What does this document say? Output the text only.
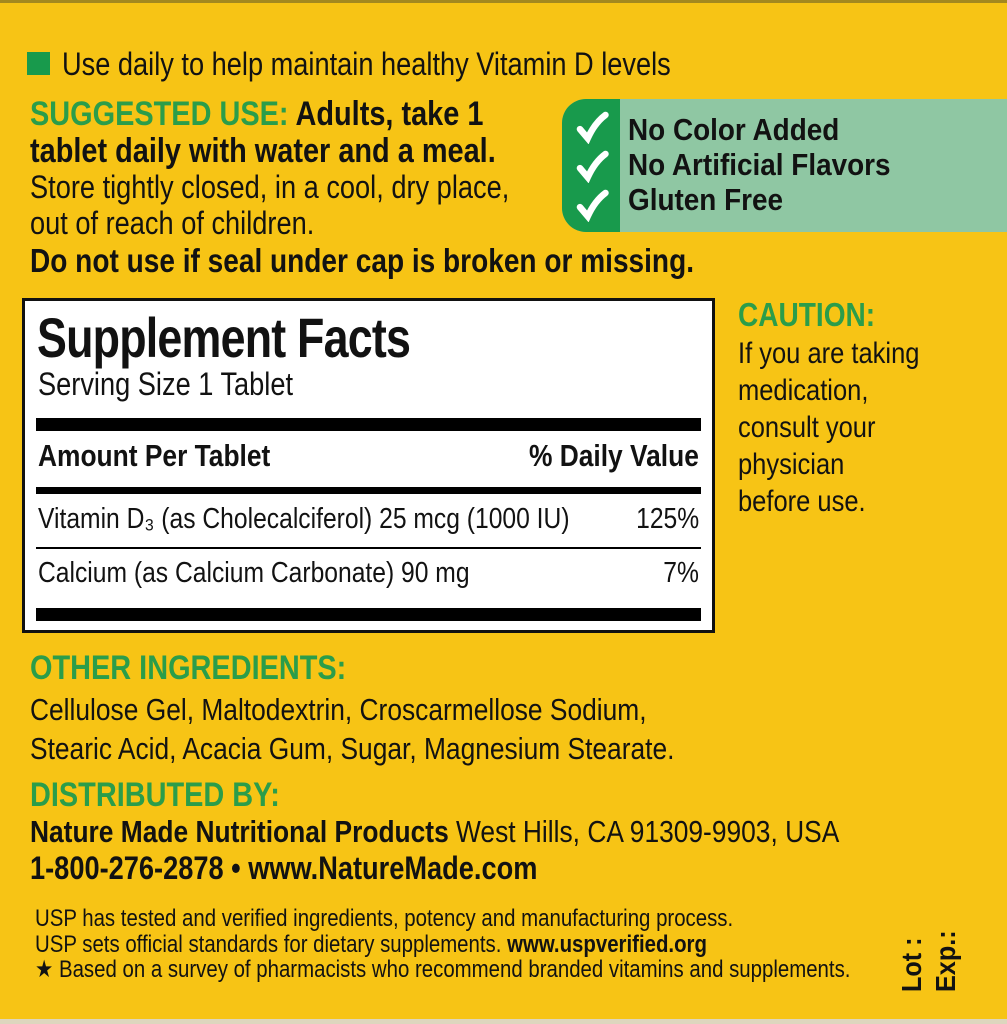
Use daily to help maintain healthy Vitamin D levels
SUGGESTED USE: Adults, take 1
tablet daily with water and a meal.
Store tightly closed, in a cool, dry place,
out of reach of children.
Do not use if seal under cap is broken or missing.
No Color Added
No Artificial Flavors
Gluten Free
Supplement Facts
Serving Size 1 Tablet
Amount Per Tablet	% Daily Value
Vitamin D₃ (as Cholecalciferol) 25 mcg (1000 IU) 125%
Calcium (as Calcium Carbonate) 90 mg	7%
CAUTION:
If you are taking
medication,
consult your
physician
before use.
OTHER INGREDIENTS:
Cellulose Gel, Maltodextrin, Croscarmellose Sodium,
Stearic Acid, Acacia Gum, Sugar, Magnesium Stearate.
DISTRIBUTED BY:
Nature Made Nutritional Products West Hills, CA 91309-9903, USA
1-800-276-2878 • www.NatureMade.com
USP has tested and verified ingredients, potency and manufacturing process.
USP sets official standards for dietary supplements. www.uspverified.org
★ Based on a survey of pharmacists who recommend branded vitamins and supplements. Lot : Exp.:
